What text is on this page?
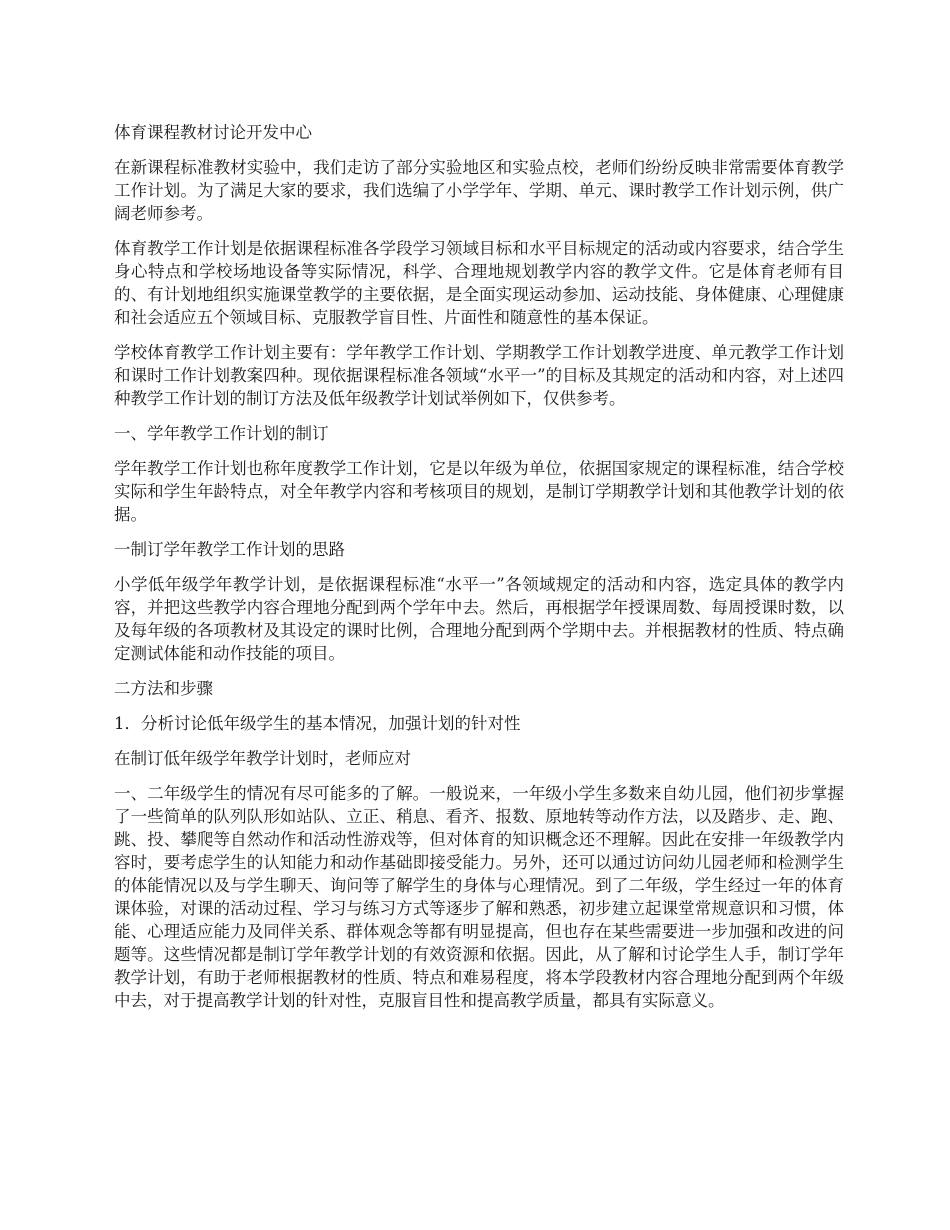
体育课程教材讨论开发中心

在新课程标准教材实验中，我们走访了部分实验地区和实验点校，老师们纷纷反映非常需要体育教学工作计划。为了满足大家的要求，我们选编了小学学年、学期、单元、课时教学工作计划示例，供广阔老师参考。

体育教学工作计划是依据课程标准各学段学习领域目标和水平目标规定的活动或内容要求，结合学生身心特点和学校场地设备等实际情况，科学、合理地规划教学内容的教学文件。它是体育老师有目的、有计划地组织实施课堂教学的主要依据，是全面实现运动参加、运动技能、身体健康、心理健康和社会适应五个领域目标、克服教学盲目性、片面性和随意性的基本保证。

学校体育教学工作计划主要有：学年教学工作计划、学期教学工作计划教学进度、单元教学工作计划和课时工作计划教案四种。现依据课程标准各领域“水平一”的目标及其规定的活动和内容，对上述四种教学工作计划的制订方法及低年级教学计划试举例如下，仅供参考。

一、学年教学工作计划的制订

学年教学工作计划也称年度教学工作计划，它是以年级为单位，依据国家规定的课程标准，结合学校实际和学生年龄特点，对全年教学内容和考核项目的规划，是制订学期教学计划和其他教学计划的依据。

一制订学年教学工作计划的思路

小学低年级学年教学计划，是依据课程标准“水平一”各领域规定的活动和内容，选定具体的教学内容，并把这些教学内容合理地分配到两个学年中去。然后，再根据学年授课周数、每周授课时数，以及每年级的各项教材及其设定的课时比例，合理地分配到两个学期中去。并根据教材的性质、特点确定测试体能和动作技能的项目。

二方法和步骤

1．分析讨论低年级学生的基本情况，加强计划的针对性

在制订低年级学年教学计划时，老师应对

一、二年级学生的情况有尽可能多的了解。一般说来，一年级小学生多数来自幼儿园，他们初步掌握了一些简单的队列队形如站队、立正、稍息、看齐、报数、原地转等动作方法，以及踏步、走、跑、跳、投、攀爬等自然动作和活动性游戏等，但对体育的知识概念还不理解。因此在安排一年级教学内容时，要考虑学生的认知能力和动作基础即接受能力。另外，还可以通过访问幼儿园老师和检测学生的体能情况以及与学生聊天、询问等了解学生的身体与心理情况。到了二年级，学生经过一年的体育课体验，对课的活动过程、学习与练习方式等逐步了解和熟悉，初步建立起课堂常规意识和习惯，体能、心理适应能力及同伴关系、群体观念等都有明显提高，但也存在某些需要进一步加强和改进的问题等。这些情况都是制订学年教学计划的有效资源和依据。因此，从了解和讨论学生人手，制订学年教学计划，有助于老师根据教材的性质、特点和难易程度，将本学段教材内容合理地分配到两个年级中去，对于提高教学计划的针对性，克服盲目性和提高教学质量，都具有实际意义。
